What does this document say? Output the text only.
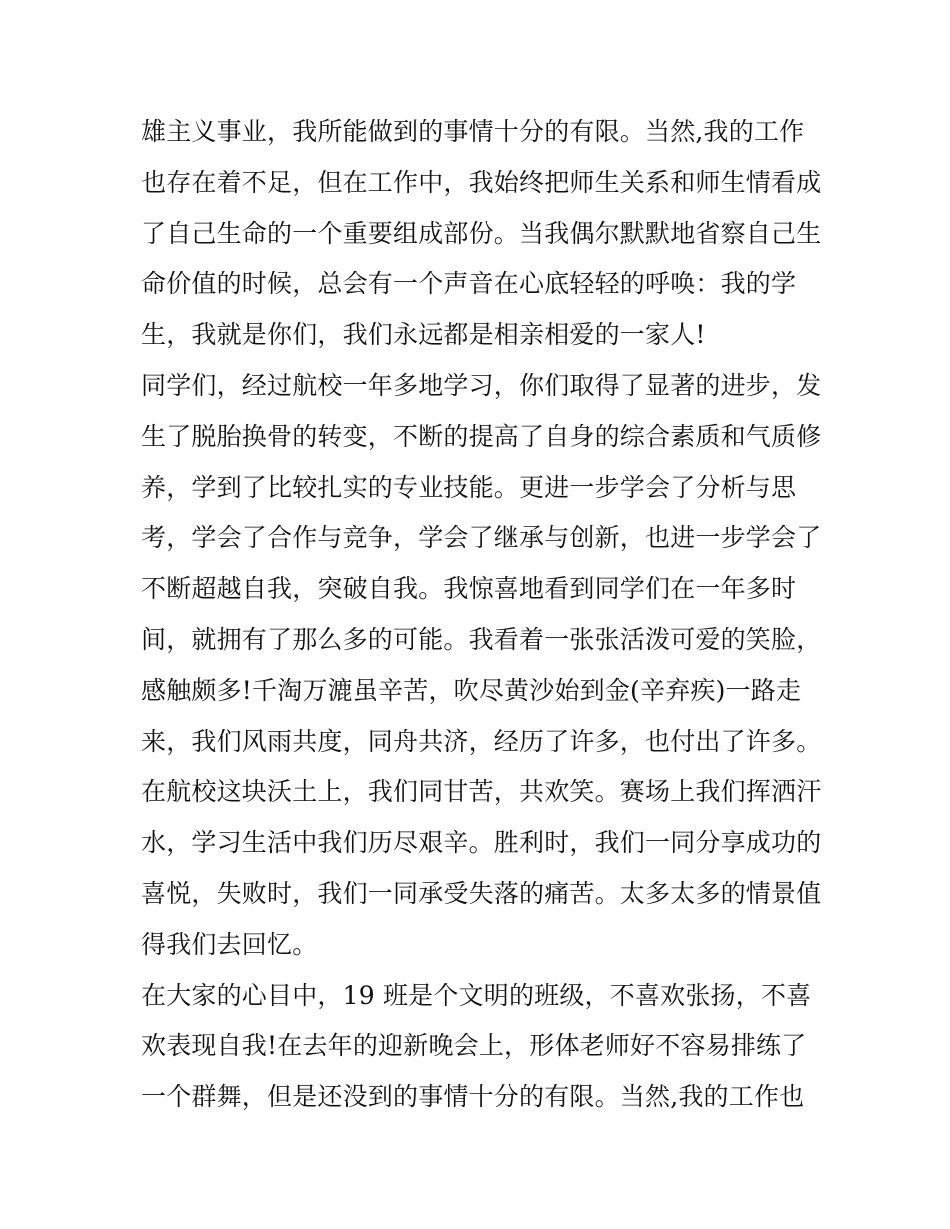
雄主义事业，我所能做到的事情十分的有限。当然,我的工作
也存在着不足，但在工作中，我始终把师生关系和师生情看成
了自己生命的一个重要组成部份。当我偶尔默默地省察自己生
命价值的时候，总会有一个声音在心底轻轻的呼唤：我的学
生，我就是你们，我们永远都是相亲相爱的一家人!
同学们，经过航校一年多地学习，你们取得了显著的进步，发
生了脱胎换骨的转变，不断的提高了自身的综合素质和气质修
养，学到了比较扎实的专业技能。更进一步学会了分析与思
考，学会了合作与竞争，学会了继承与创新，也进一步学会了
不断超越自我，突破自我。我惊喜地看到同学们在一年多时
间，就拥有了那么多的可能。我看着一张张活泼可爱的笑脸，
感触颇多!千淘万漉虽辛苦，吹尽黄沙始到金(辛弃疾)一路走
来，我们风雨共度，同舟共济，经历了许多，也付出了许多。
在航校这块沃土上，我们同甘苦，共欢笑。赛场上我们挥洒汗
水，学习生活中我们历尽艰辛。胜利时，我们一同分享成功的
喜悦，失败时，我们一同承受失落的痛苦。太多太多的情景值
得我们去回忆。
在大家的心目中，19 班是个文明的班级，不喜欢张扬，不喜
欢表现自我!在去年的迎新晚会上，形体老师好不容易排练了
一个群舞，但是还没到的事情十分的有限。当然,我的工作也
